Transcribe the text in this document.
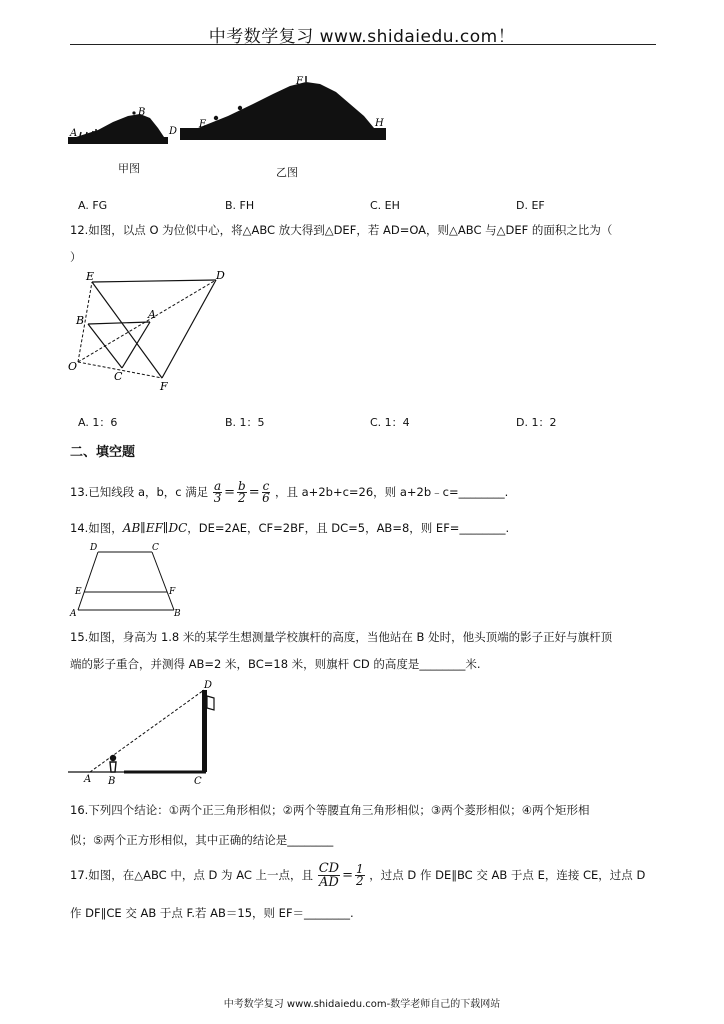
中考数学复习 www.shidaiedu.com！
A
B
D
E
F
H
甲图	乙图
A. FG	B. FH	C. EH	D. EF
12.如图，以点 O 为位似中心，将△ABC 放大得到△DEF，若 AD=OA，则△ABC 与△DEF 的面积之比为（
）
E	D
B	A
O
C
F
A. 1：6	B. 1：5	C. 1：4	D. 1：2
二、填空题
13.已知线段 a，b，c 满足 $\frac{a}{3} = \frac{b}{2} = \frac{c}{6}$ ，且 a+2b+c=26，则 a+2b﹣c=________.
14.如图，AB∥EF∥DC，DE=2AE，CF=2BF，且 DC=5，AB=8，则 EF=________.
D	C
E	F
A	B
15.如图，身高为 1.8 米的某学生想测量学校旗杆的高度，当他站在 B 处时，他头顶端的影子正好与旗杆顶
端的影子重合，并测得 AB=2 米，BC=18 米，则旗杆 CD 的高度是________米.
D
A B	C
16.下列四个结论：①两个正三角形相似；②两个等腰直角三角形相似；③两个菱形相似；④两个矩形相
似；⑤两个正方形相似，其中正确的结论是________
17.如图，在△ABC 中，点 D 为 AC 上一点，且 $\frac{CD}{AD} = \frac{1}{2}$ ，过点 D 作 DE∥BC 交 AB 于点 E，连接 CE，过点 D
作 DF∥CE 交 AB 于点 F.若 AB＝15，则 EF＝________.
中考数学复习 www.shidaiedu.com-数学老师自己的下载网站
